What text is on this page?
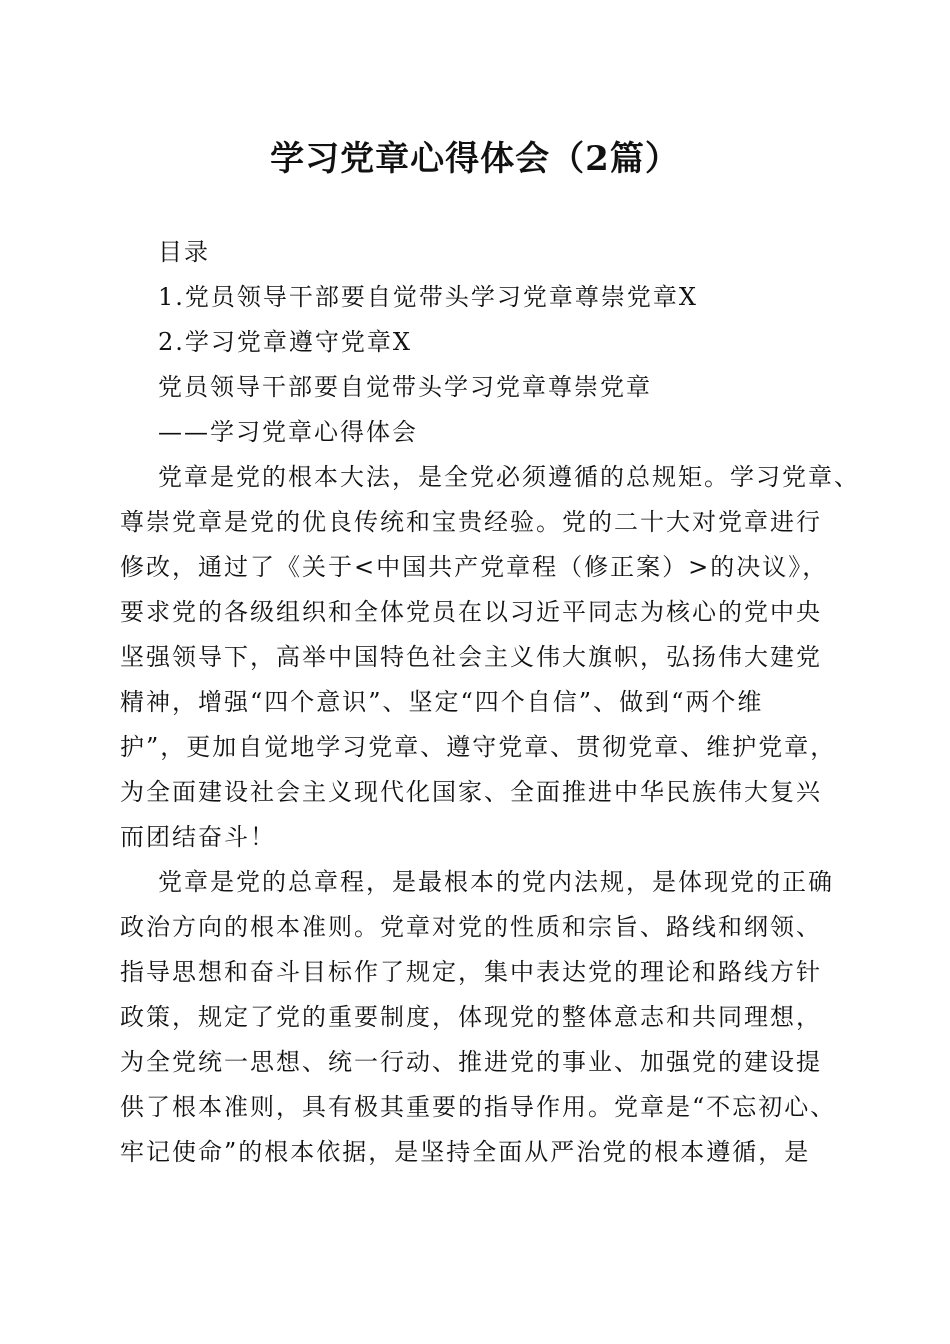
学习党章心得体会（2篇）
目录
1.党员领导干部要自觉带头学习党章尊崇党章X
2.学习党章遵守党章X
党员领导干部要自觉带头学习党章尊崇党章
——学习党章心得体会
党章是党的根本大法，是全党必须遵循的总规矩。学习党章、
尊崇党章是党的优良传统和宝贵经验。党的二十大对党章进行
修改，通过了《关于<中国共产党章程（修正案）>的决议》，
要求党的各级组织和全体党员在以习近平同志为核心的党中央
坚强领导下，高举中国特色社会主义伟大旗帜，弘扬伟大建党
精神，增强“四个意识”、坚定“四个自信”、做到“两个维
护”，更加自觉地学习党章、遵守党章、贯彻党章、维护党章，
为全面建设社会主义现代化国家、全面推进中华民族伟大复兴
而团结奋斗！
党章是党的总章程，是最根本的党内法规，是体现党的正确
政治方向的根本准则。党章对党的性质和宗旨、路线和纲领、
指导思想和奋斗目标作了规定，集中表达党的理论和路线方针
政策，规定了党的重要制度，体现党的整体意志和共同理想，
为全党统一思想、统一行动、推进党的事业、加强党的建设提
供了根本准则，具有极其重要的指导作用。党章是“不忘初心、
牢记使命”的根本依据，是坚持全面从严治党的根本遵循，是
